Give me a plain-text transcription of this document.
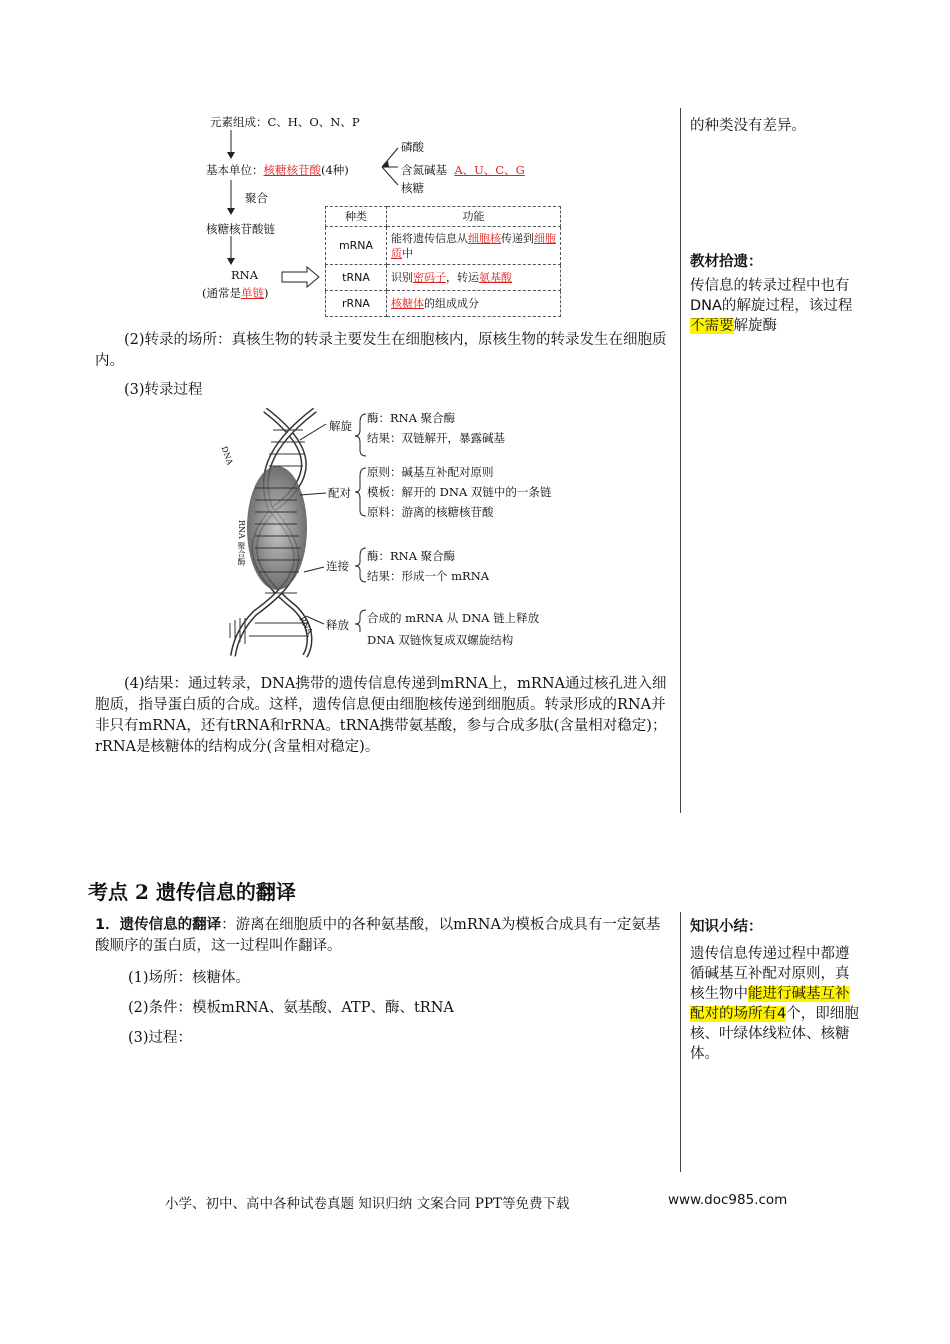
元素组成：C、H、O、N、P
基本单位：核糖核苷酸(4种)
磷酸
含氮碱基 A、U、C、G
核糖
聚合
核糖核苷酸链
RNA
(通常是单链)
种类	功能
mRNA	能将遗传信息从细胞核传递到细胞质中
tRNA	识别密码子，转运氨基酸
rRNA	核糖体的组成成分
(2)转录的场所：真核生物的转录主要发生在细胞核内，原核生物的转录发生在细胞质内。
(3)转录过程
DNA
RNA 聚合酶
RNA
解旋
配对
连接
释放
酶：RNA 聚合酶
结果：双链解开，暴露碱基
原则：碱基互补配对原则
模板：解开的 DNA 双链中的一条链
原料：游离的核糖核苷酸
酶：RNA 聚合酶
结果：形成一个 mRNA
合成的 mRNA 从 DNA 链上释放
DNA 双链恢复成双螺旋结构
(4)结果：通过转录，DNA携带的遗传信息传递到mRNA上，mRNA通过核孔进入细胞质，指导蛋白质的合成。这样，遗传信息便由细胞核传递到细胞质。转录形成的RNA并非只有mRNA，还有tRNA和rRNA。tRNA携带氨基酸，参与合成多肽(含量相对稳定)；rRNA是核糖体的结构成分(含量相对稳定)。
考点 2 遗传信息的翻译
1．遗传信息的翻译：游离在细胞质中的各种氨基酸，以mRNA为模板合成具有一定氨基酸顺序的蛋白质，这一过程叫作翻译。
(1)场所：核糖体。
(2)条件：模板mRNA、氨基酸、ATP、酶、tRNA
(3)过程：
的种类没有差异。
教材拾遗：
传信息的转录过程中也有DNA的解旋过程，该过程不需要解旋酶
知识小结：
遗传信息传递过程中都遵循碱基互补配对原则，真核生物中能进行碱基互补配对的场所有4个，即细胞核、叶绿体线粒体、核糖体。
小学、初中、高中各种试卷真题 知识归纳 文案合同 PPT等免费下载	www.doc985.com
